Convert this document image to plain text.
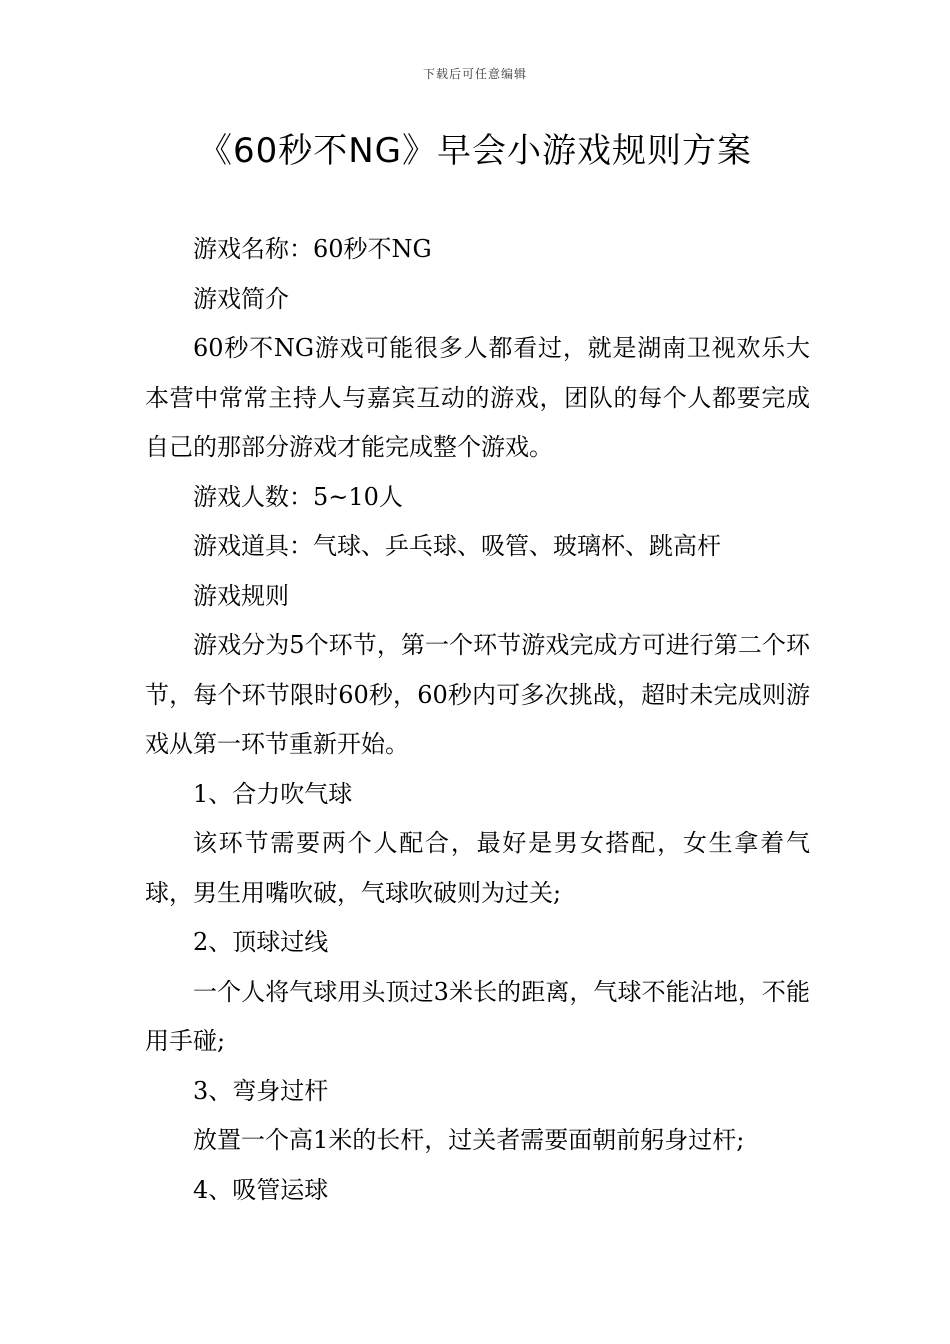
下载后可任意编辑
《60秒不NG》早会小游戏规则方案

游戏名称：60秒不NG

游戏简介

60秒不NG游戏可能很多人都看过，就是湖南卫视欢乐大本营中常常主持人与嘉宾互动的游戏，团队的每个人都要完成自己的那部分游戏才能完成整个游戏。

游戏人数：5~10人

游戏道具：气球、乒乓球、吸管、玻璃杯、跳高杆

游戏规则

游戏分为5个环节，第一个环节游戏完成方可进行第二个环节，每个环节限时60秒，60秒内可多次挑战，超时未完成则游戏从第一环节重新开始。

1、合力吹气球

该环节需要两个人配合，最好是男女搭配，女生拿着气球，男生用嘴吹破，气球吹破则为过关;

2、顶球过线

一个人将气球用头顶过3米长的距离，气球不能沾地，不能用手碰;

3、弯身过杆

放置一个高1米的长杆，过关者需要面朝前躬身过杆;

4、吸管运球
